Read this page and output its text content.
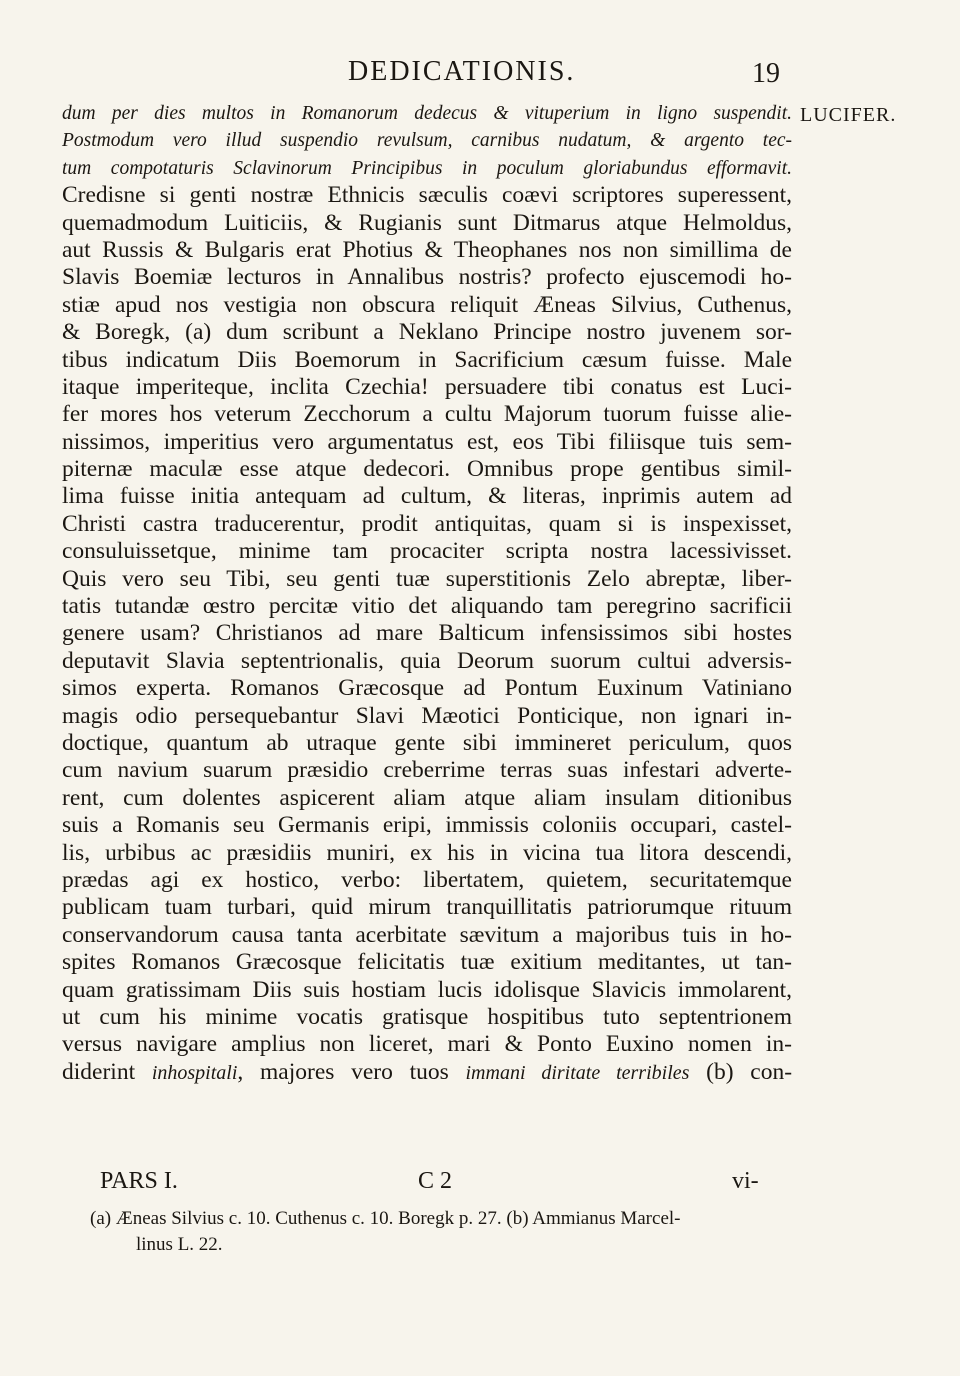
DEDICATIONIS.	19
LUCIFER.
dum per dies multos in Romanorum dedecus & vituperium in ligno suspendit.
Postmodum vero illud suspendio revulsum, carnibus nudatum, & argento tec-
tum compotaturis Sclavinorum Principibus in poculum gloriabundus efformavit.
Credisne si genti nostræ Ethnicis sæculis coævi scriptores superessent,
quemadmodum Luiticiis, & Rugianis sunt Ditmarus atque Helmoldus,
aut Russis & Bulgaris erat Photius & Theophanes nos non simillima de
Slavis Boemiæ lecturos in Annalibus nostris? profecto ejuscemodi ho-
stiæ apud nos vestigia non obscura reliquit Æneas Silvius, Cuthenus,
& Boregk, (a) dum scribunt a Neklano Principe nostro juvenem sor-
tibus indicatum Diis Boemorum in Sacrificium cæsum fuisse. Male
itaque imperiteque, inclita Czechia! persuadere tibi conatus est Luci-
fer mores hos veterum Zecchorum a cultu Majorum tuorum fuisse alie-
nissimos, imperitius vero argumentatus est, eos Tibi filiisque tuis sem-
piternæ maculæ esse atque dedecori. Omnibus prope gentibus simil-
lima fuisse initia antequam ad cultum, & literas, inprimis autem ad
Christi castra traducerentur, prodit antiquitas, quam si is inspexisset,
consuluissetque, minime tam procaciter scripta nostra lacessivisset.
Quis vero seu Tibi, seu genti tuæ superstitionis Zelo abreptæ, liber-
tatis tutandæ œstro percitæ vitio det aliquando tam peregrino sacrificii
genere usam? Christianos ad mare Balticum infensissimos sibi hostes
deputavit Slavia septentrionalis, quia Deorum suorum cultui adversis-
simos experta. Romanos Græcosque ad Pontum Euxinum Vatiniano
magis odio persequebantur Slavi Mæotici Ponticique, non ignari in-
doctique, quantum ab utraque gente sibi immineret periculum, quos
cum navium suarum præsidio creberrime terras suas infestari adverte-
rent, cum dolentes aspicerent aliam atque aliam insulam ditionibus
suis a Romanis seu Germanis eripi, immissis coloniis occupari, castel-
lis, urbibus ac præsidiis muniri, ex his in vicina tua litora descendi,
prædas agi ex hostico, verbo: libertatem, quietem, securitatemque
publicam tuam turbari, quid mirum tranquillitatis patriorumque rituum
conservandorum causa tanta acerbitate sævitum a majoribus tuis in ho-
spites Romanos Græcosque felicitatis tuæ exitium meditantes, ut tan-
quam gratissimam Diis suis hostiam lucis idolisque Slavicis immolarent,
ut cum his minime vocatis gratisque hospitibus tuto septentrionem
versus navigare amplius non liceret, mari & Ponto Euxino nomen in-
diderint inhospitali, majores vero tuos immani diritate terribiles (b) con-
PARS I.	C 2	vi-
(a) Æneas Silvius c. 10. Cuthenus c. 10. Boregk p. 27. (b) Ammianus Marcel-
linus L. 22.
